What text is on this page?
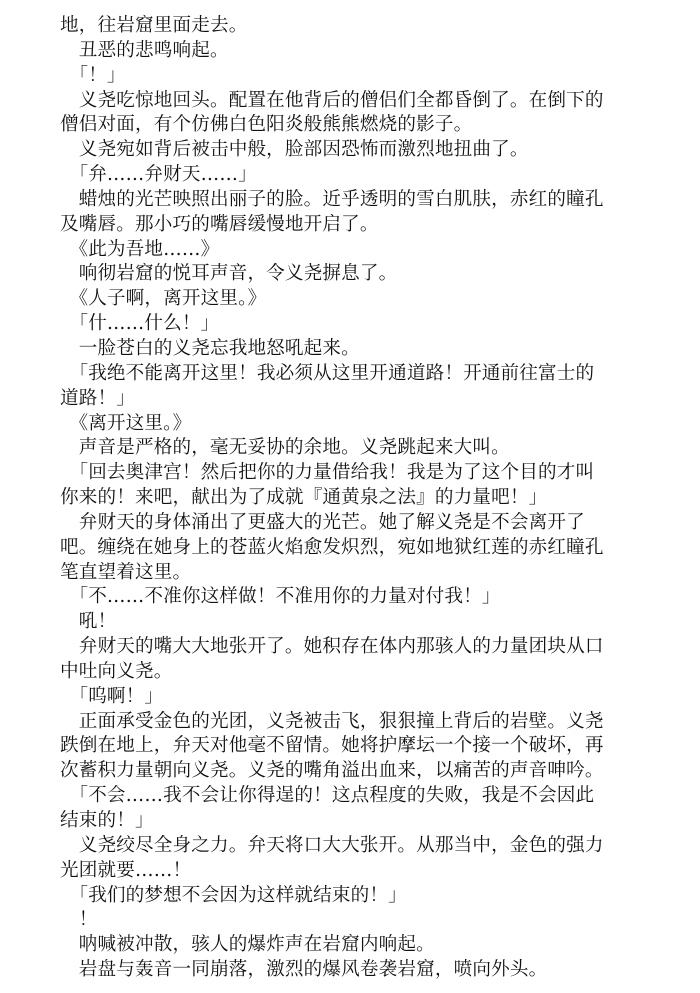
地，往岩窟里面走去。
　丑恶的悲鸣响起。
　「！」
　义尧吃惊地回头。配置在他背后的僧侣们全都昏倒了。在倒下的
僧侣对面，有个仿佛白色阳炎般熊熊燃烧的影子。
　义尧宛如背后被击中般，脸部因恐怖而激烈地扭曲了。
　「弁……弁财天……」
　蜡烛的光芒映照出丽子的脸。近乎透明的雪白肌肤，赤红的瞳孔
及嘴唇。那小巧的嘴唇缓慢地开启了。
　《此为吾地……》
　响彻岩窟的悦耳声音，令义尧摒息了。
　《人子啊，离开这里。》
　「什……什么！」
　一脸苍白的义尧忘我地怒吼起来。
　「我绝不能离开这里！我必须从这里开通道路！开通前往富士的
道路！」
　《离开这里。》
　声音是严格的，毫无妥协的余地。义尧跳起来大叫。
　「回去奥津宫！然后把你的力量借给我！我是为了这个目的才叫
你来的！来吧，献出为了成就『通黄泉之法』的力量吧！」
　弁财天的身体涌出了更盛大的光芒。她了解义尧是不会离开了
吧。缠绕在她身上的苍蓝火焰愈发炽烈，宛如地狱红莲的赤红瞳孔
笔直望着这里。
　「不……不准你这样做！不准用你的力量对付我！」
　吼！
　弁财天的嘴大大地张开了。她积存在体内那骇人的力量团块从口
中吐向义尧。
　「呜啊！」
　正面承受金色的光团，义尧被击飞，狠狠撞上背后的岩壁。义尧
跌倒在地上，弁天对他毫不留情。她将护摩坛一个接一个破坏，再
次蓄积力量朝向义尧。义尧的嘴角溢出血来，以痛苦的声音呻吟。
　「不会……我不会让你得逞的！这点程度的失败，我是不会因此
结束的！」
　义尧绞尽全身之力。弁天将口大大张开。从那当中，金色的强力
光团就要……！
　「我们的梦想不会因为这样就结束的！」
　！
　呐喊被冲散，骇人的爆炸声在岩窟内响起。
　岩盘与轰音一同崩落，激烈的爆风卷袭岩窟，喷向外头。
